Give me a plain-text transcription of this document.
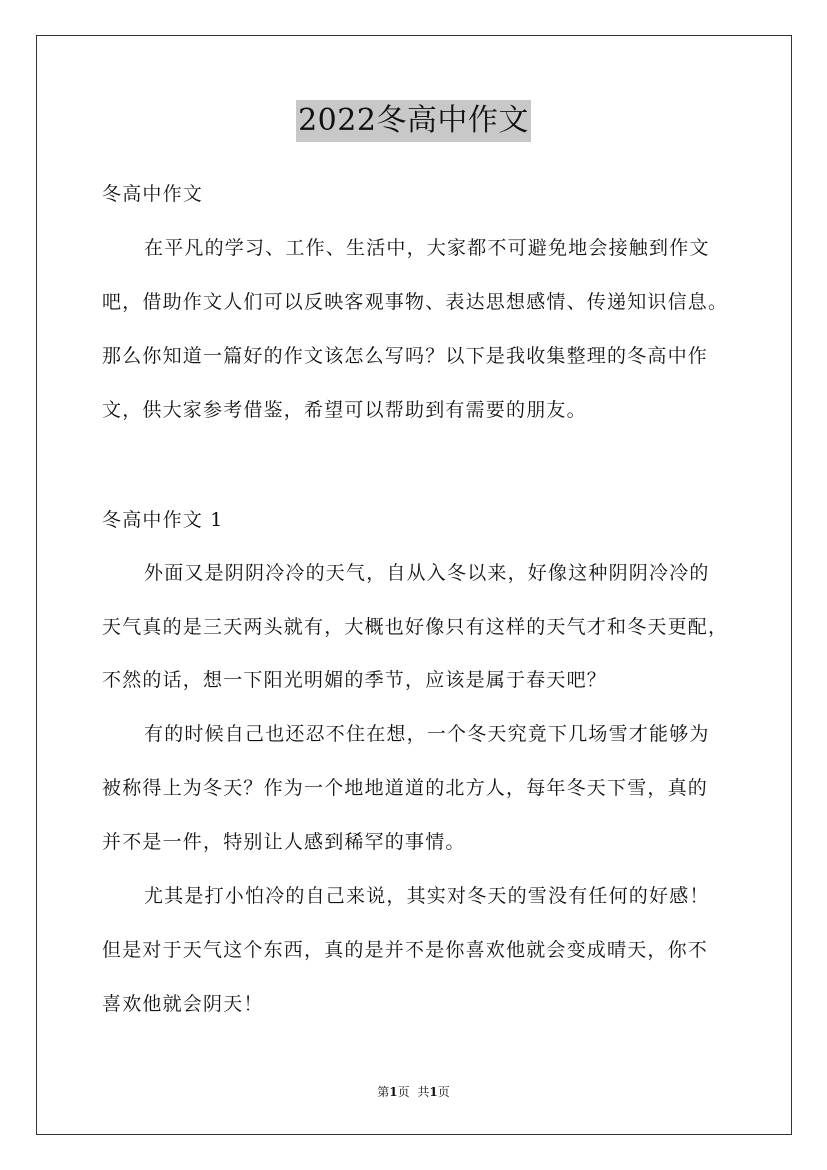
2022冬高中作文
冬高中作文
在平凡的学习、工作、生活中，大家都不可避免地会接触到作文
吧，借助作文人们可以反映客观事物、表达思想感情、传递知识信息。
那么你知道一篇好的作文该怎么写吗？以下是我收集整理的冬高中作
文，供大家参考借鉴，希望可以帮助到有需要的朋友。
冬高中作文 1
外面又是阴阴冷冷的天气，自从入冬以来，好像这种阴阴冷冷的
天气真的是三天两头就有，大概也好像只有这样的天气才和冬天更配，
不然的话，想一下阳光明媚的季节，应该是属于春天吧？
有的时候自己也还忍不住在想，一个冬天究竟下几场雪才能够为
被称得上为冬天？作为一个地地道道的北方人，每年冬天下雪，真的
并不是一件，特别让人感到稀罕的事情。
尤其是打小怕冷的自己来说，其实对冬天的雪没有任何的好感！
但是对于天气这个东西，真的是并不是你喜欢他就会变成晴天，你不
喜欢他就会阴天！
第1页 共1页
